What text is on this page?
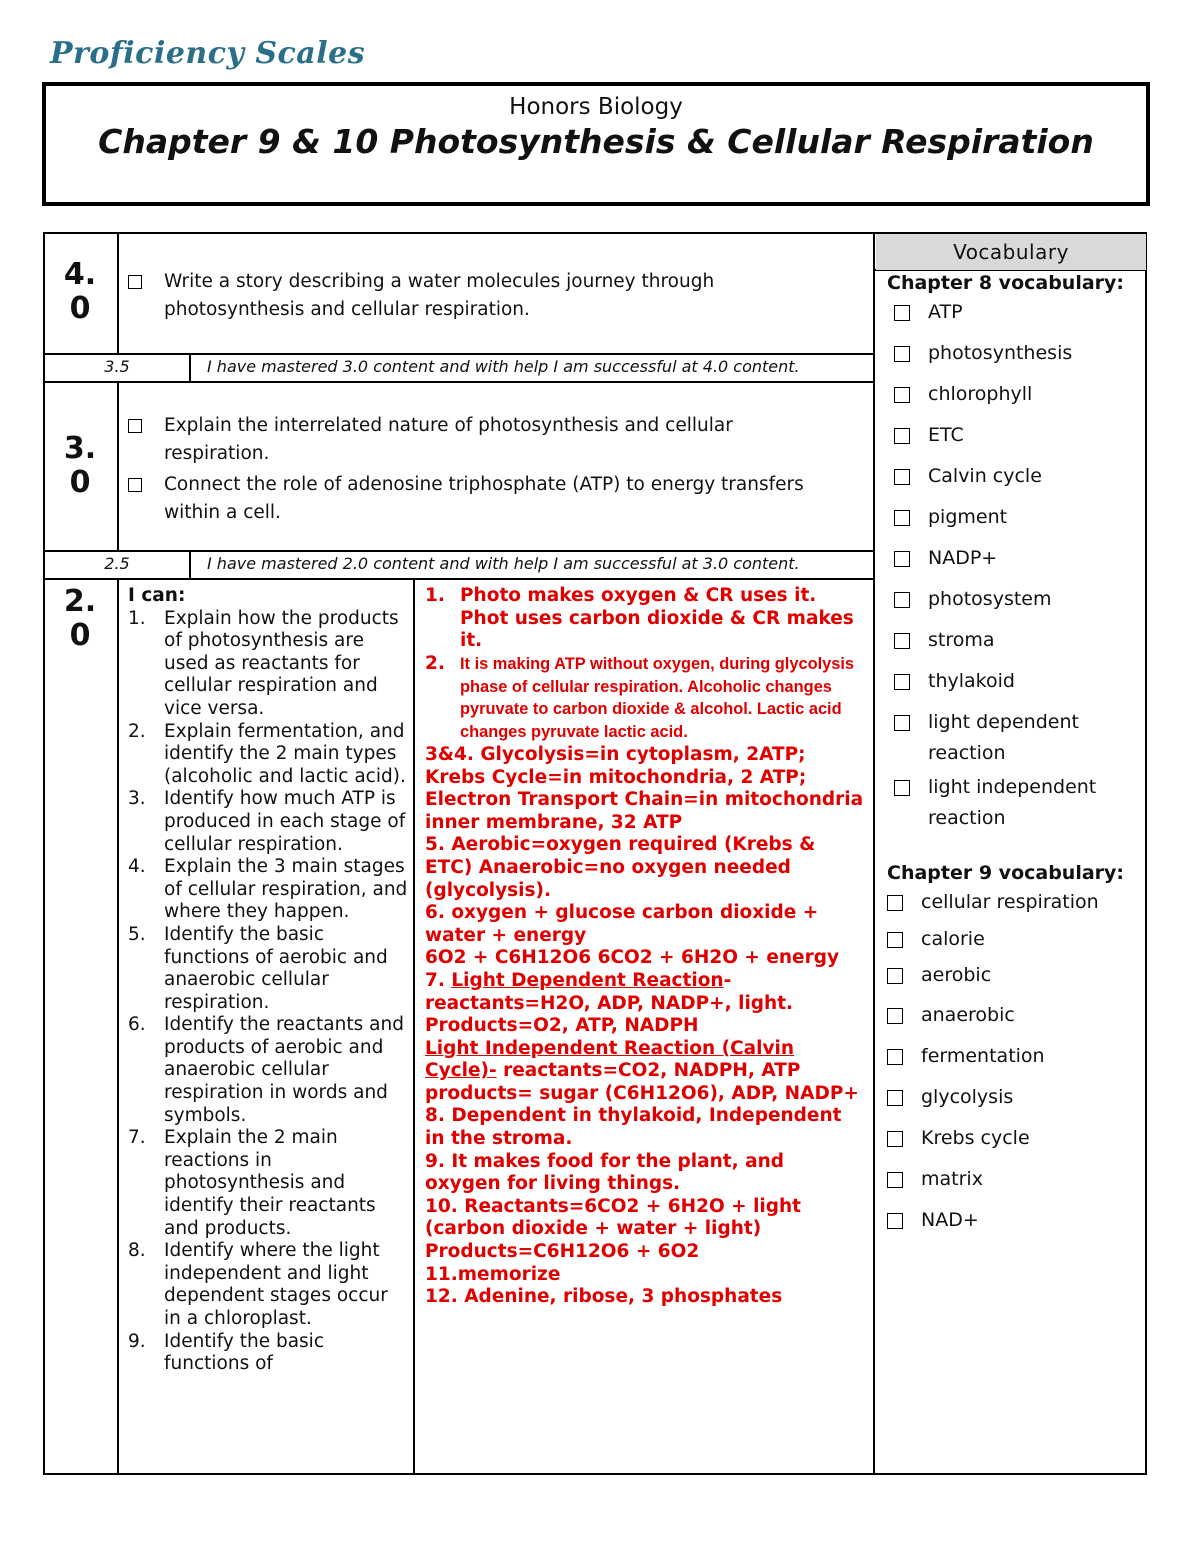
Proficiency Scales
Honors Biology
Chapter 9 & 10 Photosynthesis & Cellular Respiration
4.
0
Write a story describing a water molecules journey through
photosynthesis and cellular respiration.
3.5	I have mastered 3.0 content and with help I am successful at 4.0 content.
3.
0
Explain the interrelated nature of photosynthesis and cellular
respiration.
Connect the role of adenosine triphosphate (ATP) to energy transfers
within a cell.
2.5	I have mastered 2.0 content and with help I am successful at 3.0 content.
2.
0
I can:
1. Explain how the products of photosynthesis are used as reactants for cellular respiration and vice versa.
2. Explain fermentation, and identify the 2 main types (alcoholic and lactic acid).
3. Identify how much ATP is produced in each stage of cellular respiration.
4. Explain the 3 main stages of cellular respiration, and where they happen.
5. Identify the basic functions of aerobic and anaerobic cellular respiration.
6. Identify the reactants and products of aerobic and anaerobic cellular respiration in words and symbols.
7. Explain the 2 main reactions in photosynthesis and identify their reactants and products.
8. Identify where the light independent and light dependent stages occur in a chloroplast.
9. Identify the basic functions of
1. Photo makes oxygen & CR uses it. Phot uses carbon dioxide & CR makes it.
2. It is making ATP without oxygen, during glycolysis phase of cellular respiration. Alcoholic changes pyruvate to carbon dioxide & alcohol. Lactic acid changes pyruvate lactic acid.
3&4. Glycolysis=in cytoplasm, 2ATP; Krebs Cycle=in mitochondria, 2 ATP; Electron Transport Chain=in mitochondria inner membrane, 32 ATP
5. Aerobic=oxygen required (Krebs & ETC) Anaerobic=no oxygen needed (glycolysis).
6. oxygen + glucose carbon dioxide + water + energy
6O2 + C6H12O6 6CO2 + 6H2O + energy
7. Light Dependent Reaction- reactants=H2O, ADP, NADP+, light. Products=O2, ATP, NADPH
Light Independent Reaction (Calvin Cycle)- reactants=CO2, NADPH, ATP products= sugar (C6H12O6), ADP, NADP+
8. Dependent in thylakoid, Independent in the stroma.
9. It makes food for the plant, and oxygen for living things.
10. Reactants=6CO2 + 6H2O + light (carbon dioxide + water + light) Products=C6H12O6 + 6O2
11.memorize
12. Adenine, ribose, 3 phosphates
Vocabulary
Chapter 8 vocabulary:
ATP
photosynthesis
chlorophyll
ETC
Calvin cycle
pigment
NADP+
photosystem
stroma
thylakoid
light dependent
reaction
light independent
reaction
Chapter 9 vocabulary:
cellular respiration
calorie
aerobic
anaerobic
fermentation
glycolysis
Krebs cycle
matrix
NAD+
